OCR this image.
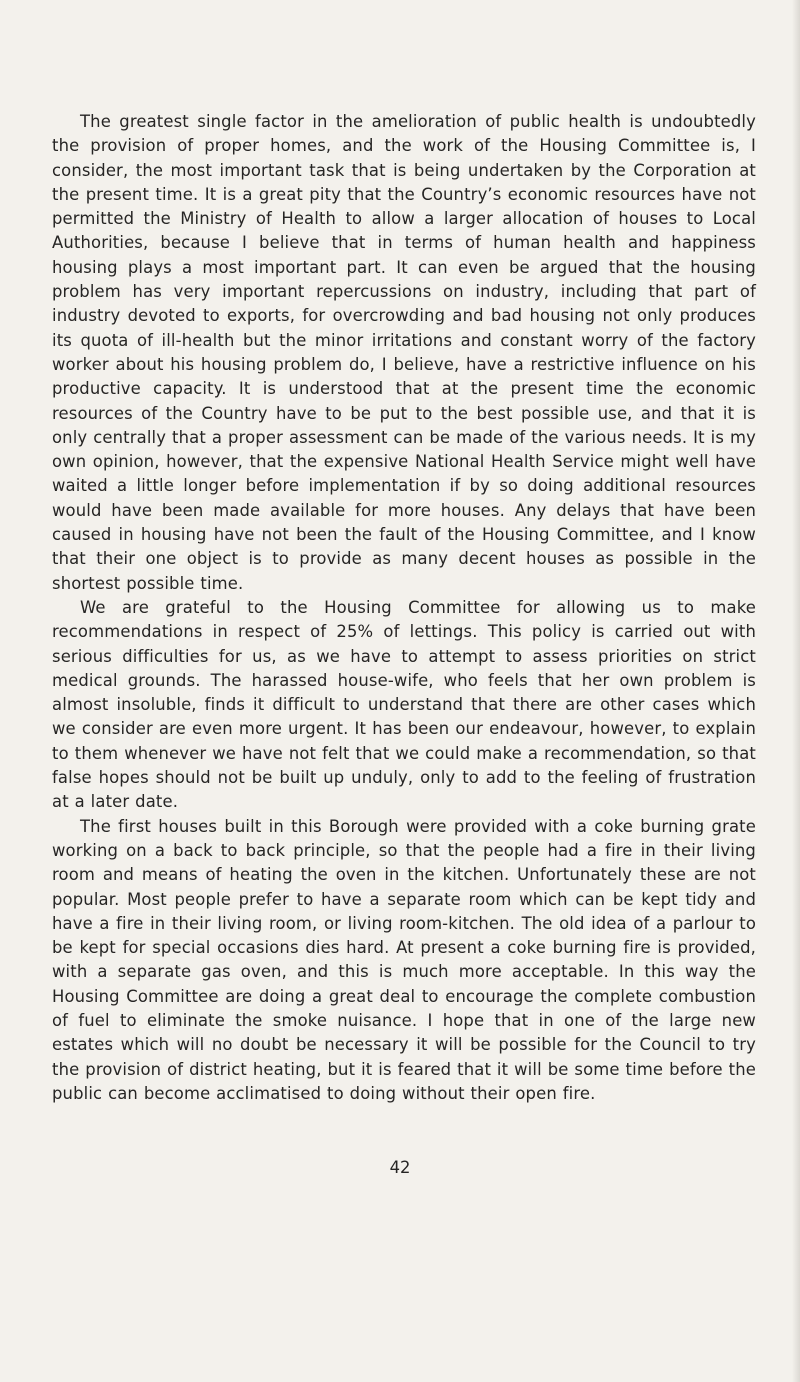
The greatest single factor in the amelioration of public health is undoubtedly the provision of proper homes, and the work of the Housing Committee is, I consider, the most important task that is being undertaken by the Corporation at the present time. It is a great pity that the Country’s economic resources have not permitted the Ministry of Health to allow a larger allocation of houses to Local Authorities, because I believe that in terms of human health and happiness housing plays a most important part. It can even be argued that the housing problem has very important repercussions on industry, including that part of industry devoted to exports, for overcrowding and bad housing not only produces its quota of ill-health but the minor irritations and constant worry of the factory worker about his housing problem do, I believe, have a restrictive influence on his productive capacity. It is understood that at the present time the economic resources of the Country have to be put to the best possible use, and that it is only centrally that a proper assessment can be made of the various needs. It is my own opinion, however, that the expensive National Health Service might well have waited a little longer before implementation if by so doing additional resources would have been made available for more houses. Any delays that have been caused in housing have not been the fault of the Housing Committee, and I know that their one object is to provide as many decent houses as possible in the shortest possible time.

We are grateful to the Housing Committee for allowing us to make recommendations in respect of 25% of lettings. This policy is carried out with serious difficulties for us, as we have to attempt to assess priorities on strict medical grounds. The harassed house-wife, who feels that her own problem is almost insoluble, finds it difficult to understand that there are other cases which we consider are even more urgent. It has been our endeavour, however, to explain to them whenever we have not felt that we could make a recommendation, so that false hopes should not be built up unduly, only to add to the feeling of frustration at a later date.

The first houses built in this Borough were provided with a coke burning grate working on a back to back principle, so that the people had a fire in their living room and means of heating the oven in the kitchen. Unfortunately these are not popular. Most people prefer to have a separate room which can be kept tidy and have a fire in their living room, or living room-kitchen. The old idea of a parlour to be kept for special occasions dies hard. At present a coke burning fire is provided, with a separate gas oven, and this is much more acceptable. In this way the Housing Committee are doing a great deal to encourage the complete combustion of fuel to eliminate the smoke nuisance. I hope that in one of the large new estates which will no doubt be necessary it will be possible for the Council to try the provision of district heating, but it is feared that it will be some time before the public can become acclimatised to doing without their open fire.

42
